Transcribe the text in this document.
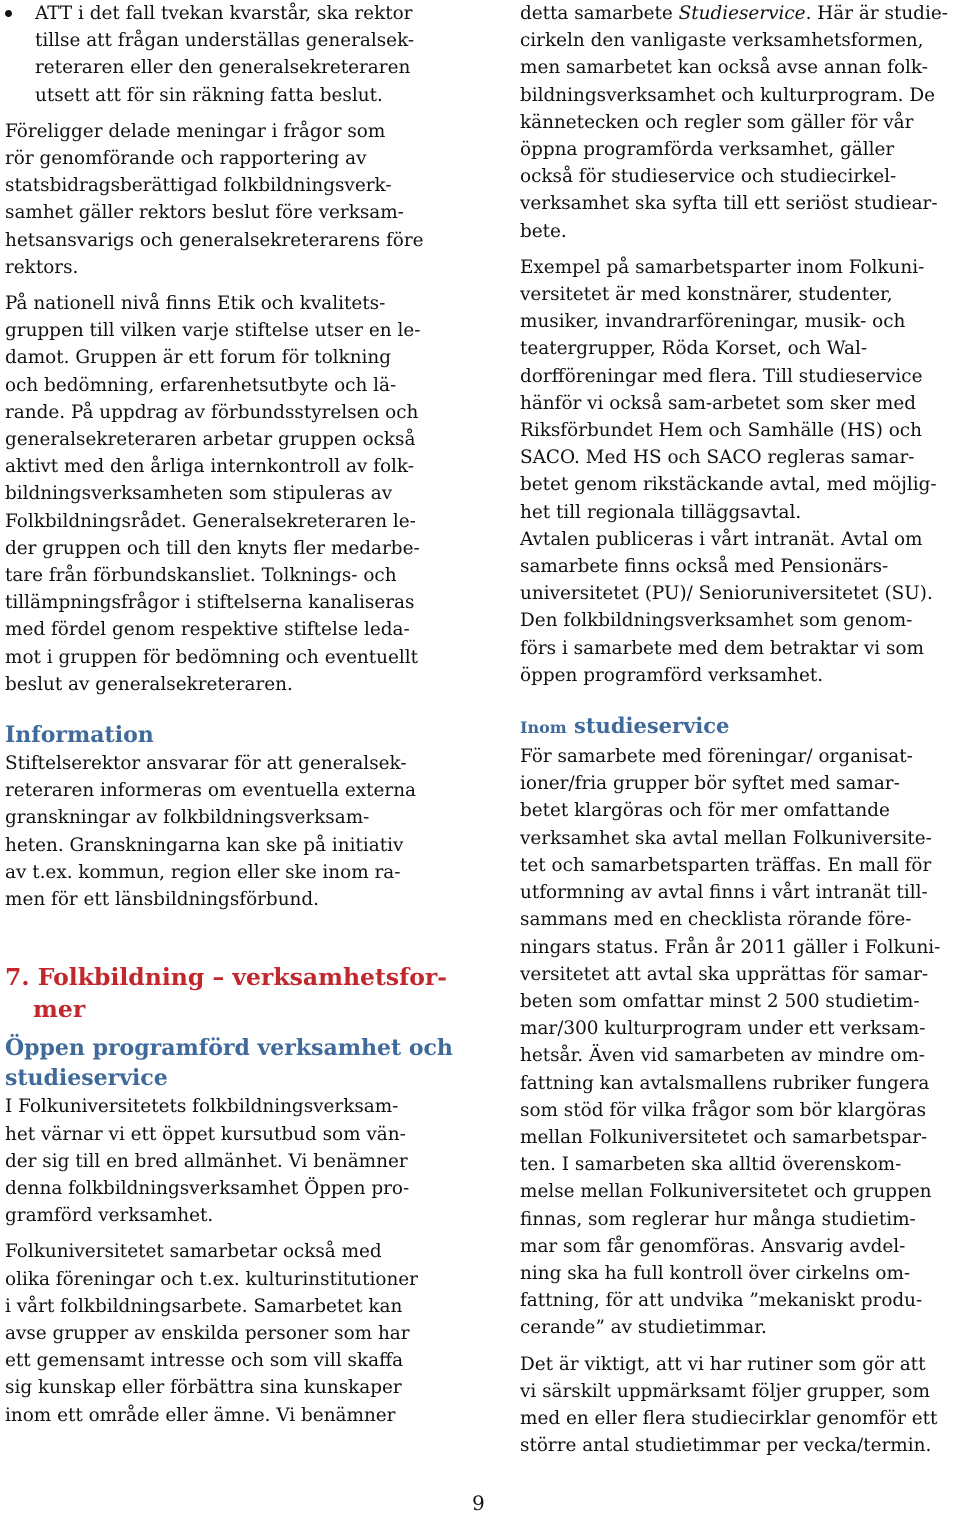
ATT i det fall tvekan kvarstår, ska rektor
tillse att frågan underställas generalsek-
reteraren eller den generalsekreteraren
utsett att för sin räkning fatta beslut.
Föreligger delade meningar i frågor som
rör genomförande och rapportering av
statsbidragsberättigad folkbildningsverk-
samhet gäller rektors beslut före verksam-
hetsansvarigs och generalsekreterarens före
rektors.
På nationell nivå finns Etik och kvalitets-
gruppen till vilken varje stiftelse utser en le-
damot. Gruppen är ett forum för tolkning
och bedömning, erfarenhetsutbyte och lä-
rande. På uppdrag av förbundsstyrelsen och
generalsekreteraren arbetar gruppen också
aktivt med den årliga internkontroll av folk-
bildningsverksamheten som stipuleras av
Folkbildningsrådet. Generalsekreteraren le-
der gruppen och till den knyts fler medarbe-
tare från förbundskansliet. Tolknings- och
tillämpningsfrågor i stiftelserna kanaliseras
med fördel genom respektive stiftelse leda-
mot i gruppen för bedömning och eventuellt
beslut av generalsekreteraren.
Information
Stiftelserektor ansvarar för att generalsek-
reteraren informeras om eventuella externa
granskningar av folkbildningsverksam-
heten. Granskningarna kan ske på initiativ
av t.ex. kommun, region eller ske inom ra-
men för ett länsbildningsförbund.
7. Folkbildning – verksamhetsfor-
mer
Öppen programförd verksamhet och
studieservice
I Folkuniversitetets folkbildningsverksam-
het värnar vi ett öppet kursutbud som vän-
der sig till en bred allmänhet. Vi benämner
denna folkbildningsverksamhet Öppen pro-
gramförd verksamhet.
Folkuniversitetet samarbetar också med
olika föreningar och t.ex. kulturinstitutioner
i vårt folkbildningsarbete. Samarbetet kan
avse grupper av enskilda personer som har
ett gemensamt intresse och som vill skaffa
sig kunskap eller förbättra sina kunskaper
inom ett område eller ämne. Vi benämner
detta samarbete Studieservice. Här är studie-
cirkeln den vanligaste verksamhetsformen,
men samarbetet kan också avse annan folk-
bildningsverksamhet och kulturprogram. De
kännetecken och regler som gäller för vår
öppna programförda verksamhet, gäller
också för studieservice och studiecirkel-
verksamhet ska syfta till ett seriöst studiear-
bete.
Exempel på samarbetsparter inom Folkuni-
versitetet är med konstnärer, studenter,
musiker, invandrarföreningar, musik- och
teatergrupper, Röda Korset, och Wal-
dorfföreningar med flera. Till studieservice
hänför vi också sam-arbetet som sker med
Riksförbundet Hem och Samhälle (HS) och
SACO. Med HS och SACO regleras samar-
betet genom rikstäckande avtal, med möjlig-
het till regionala tilläggsavtal.
Avtalen publiceras i vårt intranät. Avtal om
samarbete finns också med Pensionärs-
universitetet (PU)/ Senioruniversitetet (SU).
Den folkbildningsverksamhet som genom-
förs i samarbete med dem betraktar vi som
öppen programförd verksamhet.
Inom studieservice
För samarbete med föreningar/ organisat-
ioner/fria grupper bör syftet med samar-
betet klargöras och för mer omfattande
verksamhet ska avtal mellan Folkuniversite-
tet och samarbetsparten träffas. En mall för
utformning av avtal finns i vårt intranät till-
sammans med en checklista rörande före-
ningars status. Från år 2011 gäller i Folkuni-
versitetet att avtal ska upprättas för samar-
beten som omfattar minst 2 500 studietim-
mar/300 kulturprogram under ett verksam-
hetsår. Även vid samarbeten av mindre om-
fattning kan avtalsmallens rubriker fungera
som stöd för vilka frågor som bör klargöras
mellan Folkuniversitetet och samarbetspar-
ten. I samarbeten ska alltid överenskom-
melse mellan Folkuniversitetet och gruppen
finnas, som reglerar hur många studietim-
mar som får genomföras. Ansvarig avdel-
ning ska ha full kontroll över cirkelns om-
fattning, för att undvika ”mekaniskt produ-
cerande” av studietimmar.
Det är viktigt, att vi har rutiner som gör att
vi särskilt uppmärksamt följer grupper, som
med en eller flera studiecirklar genomför ett
större antal studietimmar per vecka/termin.
9
